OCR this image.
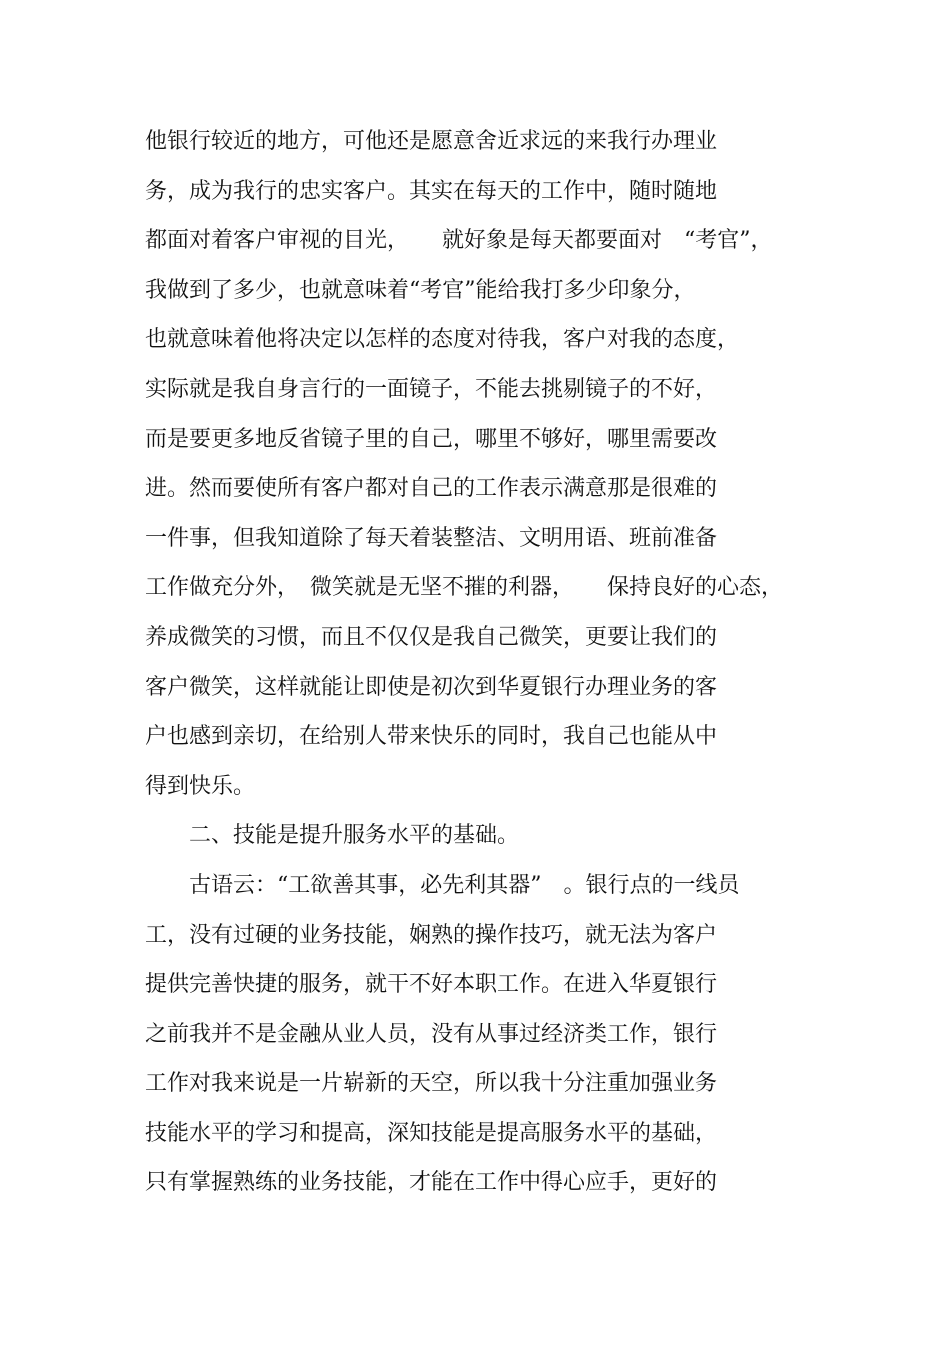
他银行较近的地方，可他还是愿意舍近求远的来我行办理业

务，成为我行的忠实客户。其实在每天的工作中，随时随地

都面对着客户审视的目光，　　就好象是每天都要面对　“考官”，

我做到了多少，也就意味着“考官”能给我打多少印象分，

也就意味着他将决定以怎样的态度对待我，客户对我的态度，

实际就是我自身言行的一面镜子，不能去挑剔镜子的不好，

而是要更多地反省镜子里的自己，哪里不够好，哪里需要改

进。然而要使所有客户都对自己的工作表示满意那是很难的

一件事，但我知道除了每天着装整洁、文明用语、班前准备

工作做充分外，　微笑就是无坚不摧的利器，　　保持良好的心态，

养成微笑的习惯，而且不仅仅是我自己微笑，更要让我们的

客户微笑，这样就能让即使是初次到华夏银行办理业务的客

户也感到亲切，在给别人带来快乐的同时，我自己也能从中

得到快乐。

　　二、技能是提升服务水平的基础。

　　古语云：“工欲善其事，必先利其器”　。银行点的一线员

工，没有过硬的业务技能，娴熟的操作技巧，就无法为客户

提供完善快捷的服务，就干不好本职工作。在进入华夏银行

之前我并不是金融从业人员，没有从事过经济类工作，银行

工作对我来说是一片崭新的天空，所以我十分注重加强业务

技能水平的学习和提高，深知技能是提高服务水平的基础，

只有掌握熟练的业务技能，才能在工作中得心应手，更好的
